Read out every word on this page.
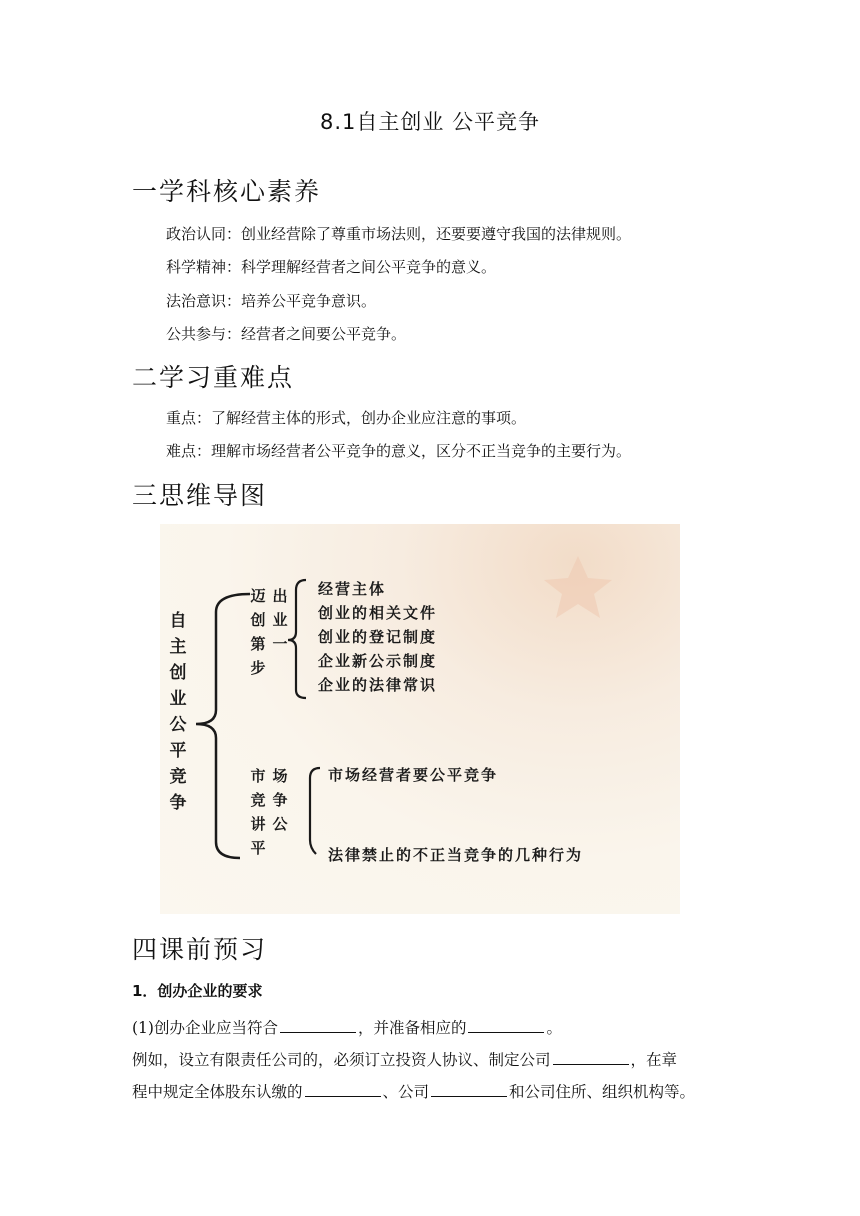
8.1自主创业 公平竞争
一学科核心素养
政治认同：创业经营除了尊重市场法则，还要要遵守我国的法律规则。
科学精神：科学理解经营者之间公平竞争的意义。
法治意识：培养公平竞争意识。
公共参与：经营者之间要公平竞争。
二学习重难点
重点：了解经营主体的形式，创办企业应注意的事项。
难点：理解市场经营者公平竞争的意义，区分不正当竞争的主要行为。
三思维导图
自主创业公平竞争
迈创第步
出业一
经营主体
创业的相关文件
创业的登记制度
企业新公示制度
企业的法律常识
市竞讲平
场争公
市场经营者要公平竞争
法律禁止的不正当竞争的几种行为
四课前预习
1．创办企业的要求
(1)创办企业应当符合	，并准备相应的	。
例如，设立有限责任公司的，必须订立投资人协议、制定公司	，在章
程中规定全体股东认缴的	、公司	和公司住所、组织机构等。
